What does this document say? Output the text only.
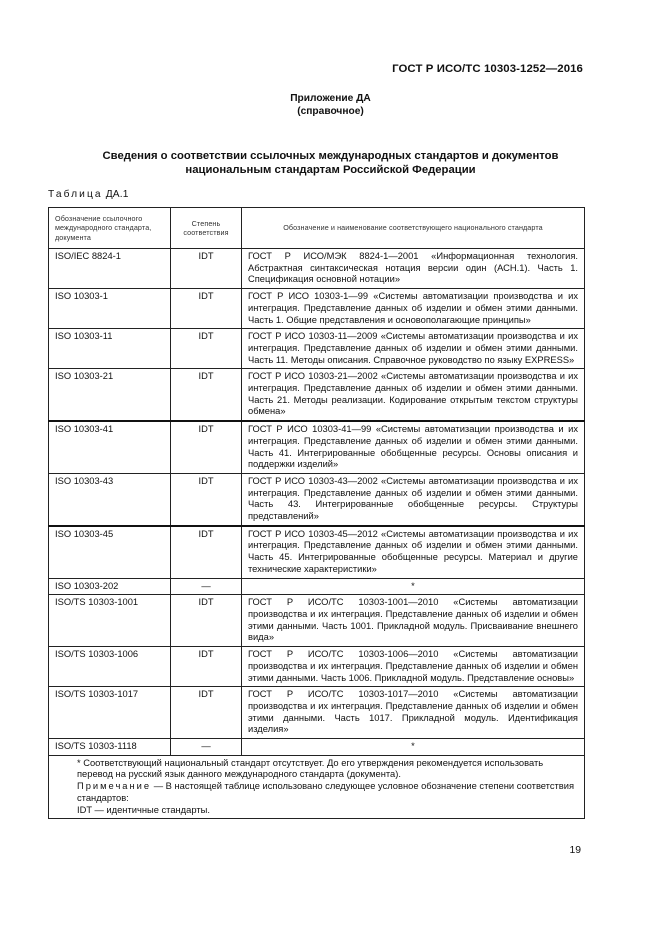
ГОСТ Р ИСО/ТС 10303-1252—2016
Приложение ДА
(справочное)
Сведения о соответствии ссылочных международных стандартов и документов
национальным стандартам Российской Федерации
Таблица ДА.1
Обозначение ссылочного международного стандарта, документа	Степень соответствия	Обозначение и наименование соответствующего национального стандарта
ISO/IEC 8824-1	IDT	ГОСТ Р ИСО/МЭК 8824-1—2001 «Информационная технология. Абстрактная синтаксическая нотация версии один (АСН.1). Часть 1. Спецификация основной нотации»
ISO 10303-1	IDT	ГОСТ Р ИСО 10303-1—99 «Системы автоматизации производства и их интеграция. Представление данных об изделии и обмен этими данными. Часть 1. Общие представления и основополагающие принципы»
ISO 10303-11	IDT	ГОСТ Р ИСО 10303-11—2009 «Системы автоматизации производства и их интеграция. Представление данных об изделии и обмен этими данными. Часть 11. Методы описания. Справочное руководство по языку EXPRESS»
ISO 10303-21	IDT	ГОСТ Р ИСО 10303-21—2002 «Системы автоматизации производства и их интеграция. Представление данных об изделии и обмен этими данными. Часть 21. Методы реализации. Кодирование открытым текстом структуры обмена»
ISO 10303-41	IDT	ГОСТ Р ИСО 10303-41—99 «Системы автоматизации производства и их интеграция. Представление данных об изделии и обмен этими данными. Часть 41. Интегрированные обобщенные ресурсы. Основы описания и поддержки изделий»
ISO 10303-43	IDT	ГОСТ Р ИСО 10303-43—2002 «Системы автоматизации производства и их интеграция. Представление данных об изделии и обмен этими данными. Часть 43. Интегрированные обобщенные ресурсы. Структуры представлений»
ISO 10303-45	IDT	ГОСТ Р ИСО 10303-45—2012 «Системы автоматизации производства и их интеграция. Представление данных об изделии и обмен этими данными. Часть 45. Интегрированные обобщенные ресурсы. Материал и другие технические характеристики»
ISO 10303-202	—	*
ISO/TS 10303-1001	IDT	ГОСТ Р ИСО/ТС 10303-1001—2010 «Системы автоматизации производства и их интеграция. Представление данных об изделии и обмен этими данными. Часть 1001. Прикладной модуль. Присваивание внешнего вида»
ISO/TS 10303-1006	IDT	ГОСТ Р ИСО/ТС 10303-1006—2010 «Системы автоматизации производства и их интеграция. Представление данных об изделии и обмен этими данными. Часть 1006. Прикладной модуль. Представление основы»
ISO/TS 10303-1017	IDT	ГОСТ Р ИСО/ТС 10303-1017—2010 «Системы автоматизации производства и их интеграция. Представление данных об изделии и обмен этими данными. Часть 1017. Прикладной модуль. Идентификация изделия»
ISO/TS 10303-1118	—	*

* Соответствующий национальный стандарт отсутствует. До его утверждения рекомендуется использовать перевод на русский язык данного международного стандарта (документа).
Примечание — В настоящей таблице использовано следующее условное обозначение степени соответствия стандартов:
IDT — идентичные стандарты.		
19
